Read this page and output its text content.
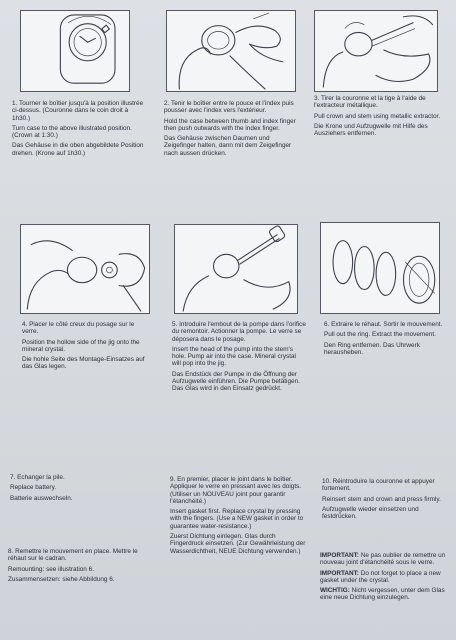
1. Tourner le boîtier jusqu'à la position illustrée ci-dessus. (Couronne dans le coin droit à 1h30.)

Turn case to the above illustrated position. (Crown at 1:30.)

Das Gehäuse in die oben abgebildete Position drehen. (Krone auf 1h30.)

2. Tenir le boîtier entre le pouce et l'index puis pousser avec l'index vers l'extérieur.

Hold the case between thumb and index finger then push outwards with the index finger.

Das Gehäuse zwischen Daumen und Zeigefinger halten, dann mit dem Zeigefinger nach aussen drücken.

3. Tirer la couronne et la tige à l'aide de l'extracteur métallique.

Pull crown and stem using metallic extractor.

Die Krone und Aufzugwelle mit Hilfe des Ausziehers entfernen.

4. Placer le côté creux du posage sur le verre.

Position the hollow side of the jig onto the mineral crystal.

Die hohle Seite des Montage-Einsatzes auf das Glas legen.

5. Introduire l'embout de la pompe dans l'orifice du remontoir. Actionner la pompe. Le verre se déposera dans le posage.

Insert the head of the pump into the stem's hole. Pump air into the case. Mineral crystal will pop into the jig.

Das Endstück der Pumpe in die Öffnung der Aufzugwelle einführen. Die Pumpe betätigen. Das Glas wird in den Einsatz gedrückt.

6. Extraire le réhaut. Sortir le mouvement.

Pull out the ring. Extract the movement.

Den Ring entfernen. Das Uhrwerk herausheben.

7. Echanger la pile.

Replace battery.

Batterie auswechseln.

8. Remettre le mouvement en place. Mettre le réhaut sur le cadran.

Remounting: see illustration 6.

Zusammensetzen: siehe Abbildung 6.

9. En premier, placer le joint dans le boîtier. Appliquer le verre en pressant avec les doigts. (Utiliser un NOUVEAU joint pour garantir l'étanchéité.)

Insert gasket first. Replace crystal by pressing with the fingers. (Use a NEW gasket in order to guarantee water-resistance.)

Zuerst Dichtung einlegen. Glas durch Fingerdruck einsetzen. (Zur Gewährleistung der Wasserdichtheit, NEUE Dichtung verwenden.)

10. Réintroduire la couronne et appuyer fortement.

Reinsert stem and crown and press firmly.

Aufzugwelle wieder einsetzen und festdrücken.

IMPORTANT: Ne pas oublier de remettre un nouveau joint d'étanchéité sous le verre.

IMPORTANT: Do not forget to place a new gasket under the crystal.

WICHTIG: Nicht vergessen, unter dem Glas eine neue Dichtung einzulegen.
